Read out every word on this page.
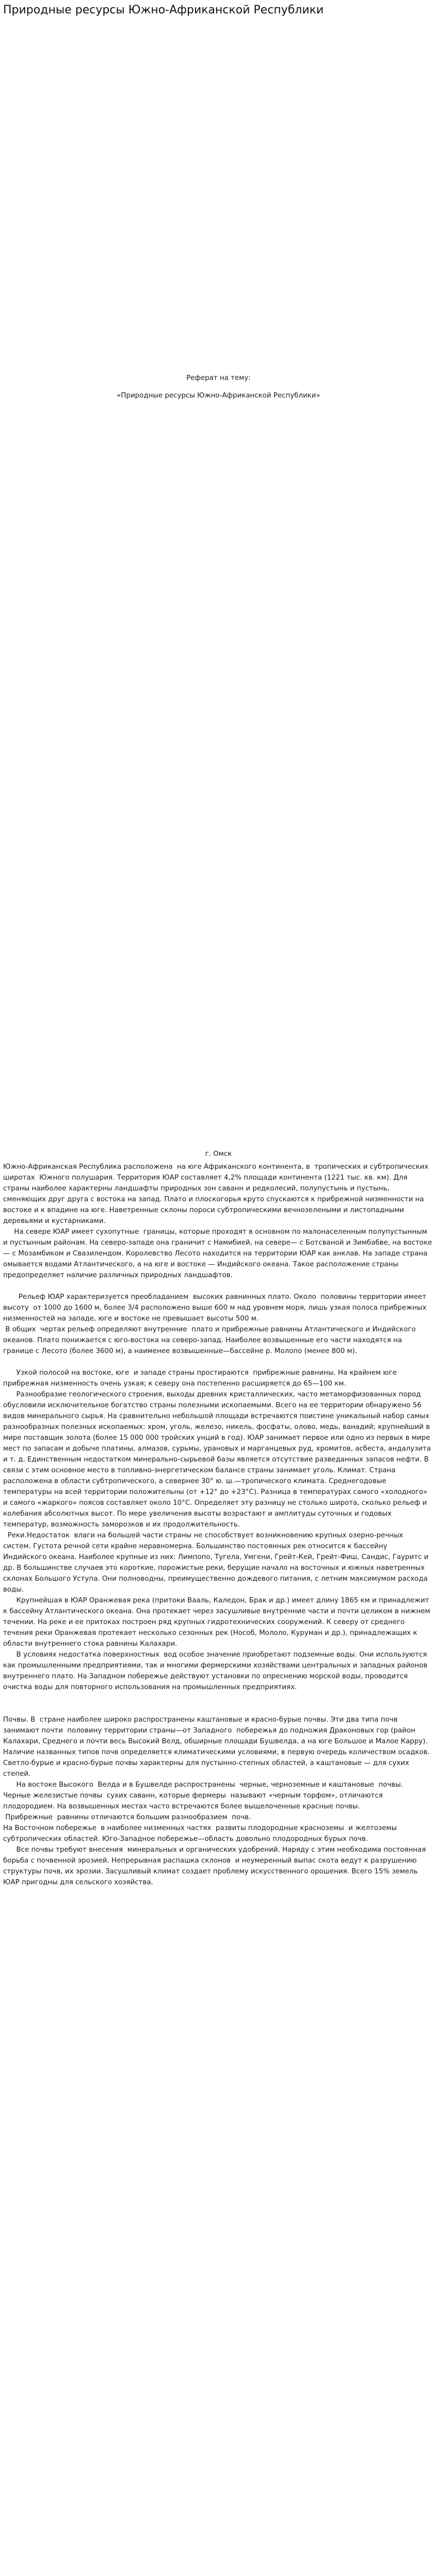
Природные ресурсы Южно-Африканской Республики
Реферат на тему:
«Природные ресурсы Южно-Африканской Республики»
г. Омск

Южно-Африканская Республика расположена  на юге Африканского континента, в  тропических и субтропических широтах  Южного полушария. Территория ЮАР составляет 4,2% площади континента (1221 тыс. кв. км). Для страны наиболее характерны ландшафты природных зон саванн и редколесий, полупустынь и пустынь, сменяющих друг друга с востока на запад. Плато и плоскогорья круто спускаются к прибрежной низменности на востоке и к впадине на юге. Наветренные склоны пороси субтропическими вечнозелеными и листопадными деревьями и кустарниками.

На севере ЮАР имеет сухопутные  границы, которые проходят в основном по малонаселенным полупустынным и пустынным районам. На северо-западе она граничит с Намибией, на севере— с Ботсваной и Зимбабве, на востоке— с Мозамбиком и Свазилендом. Королевство Лесото находится на территории ЮАР как анклав. На западе страна омывается водами Атлантического, а на юге и востоке — Индийского океана. Такое расположение страны предопределяет наличие различных природных ландшафтов.

Рельеф ЮАР характеризуется преобладанием  высоких равнинных плато. Около  половины территории имеет высоту  от 1000 до 1600 м, более 3/4 расположено выше 600 м над уровнем моря, лишь узкая полоса прибрежных низменностей на западе, юге и востоке не превышает высоты 500 м.

В общих  чертах рельеф определяют внутренние  плато и прибрежные равнины Атлантического и Индийского  океанов. Плато понижается с юго-востока на северо-запад. Наиболее возвышенные его части находятся на границе с Лесото (более 3600 м), а наименее возвышенные—бассейне р. Молопо (менее 800 м).

Узкой полосой на востоке, юге  и западе страны простираются  прибрежные равнины. На крайнем юге прибрежная низменность очень узкая; к северу она постепенно расширяется до 65—100 км.

Разнообразие геологического строения, выходы древних кристаллических, часто метаморфизованных пород  обусловили исключительное богатство страны полезными ископаемыми. Всего на ее территории обнаружено 56 видов минерального сырья. На сравнительно небольшой площади встречаются поистине уникальный набор самых разнообразных полезных ископаемых: хром, уголь, железо, никель, фосфаты, олово, медь, ванадий; крупнейший в мире поставщик золота (более 15 000 000 тройских унций в год). ЮАР занимает первое или одно из первых в мире мест по запасам и добыче платины, алмазов, сурьмы, урановых и марганцевых руд, хромитов, асбеста, андалузита и т. д. Единственным недостатком минерально-сырьевой базы является отсутствие разведанных запасов нефти. В связи с этим основное место в топливно-энергетическом балансе страны занимает уголь. Климат. Страна расположена в области субтропического, а севернее 30° ю. ш.—тропического климата. Среднегодовые температуры на всей территории положительны (от +12° до +23°С). Разница в температурах самого «холодного» и самого «жаркого» поясов составляет около 10°С. Определяет эту разницу не столько широта, сколько рельеф и колебания абсолютных высот. По мере увеличения высоты возрастают и амплитуды суточных и годовых температур, возможность заморозков и их продолжительность.

Реки.Недостаток  влаги на большей части страны не способствует возникновению крупных озерно-речных систем. Густота речной сети крайне неравномерна. Большинство постоянных рек относится к бассейну Индийского океана. Наиболее крупные из них: Лимпопо, Тугела, Умгени, Грейт-Кей, Грейт-Фиш, Сандис, Гауритс и др. В большинстве случаев это короткие, порожистые реки, берущие начало на восточных и южных наветренных склонах Большого Уступа. Они полноводны, преимущественно дождевого питания, с летним максимумом расхода воды.

Крупнейшая в ЮАР Оранжевая река (притоки Вааль, Каледон, Брак и др.) имеет длину 1865 км и принадлежит к бассейну Атлантического океана. Она протекает через засушливые внутренние части и почти целиком в нижнем течении. На реке и ее притоках построен ряд крупных гидротехнических сооружений. К северу от среднего течения реки Оранжевая протекает несколько сезонных рек (Нособ, Мололо, Куруман и др.), принадлежащих к области внутреннего стока равнины Калахари.

В условиях недостатка поверхностных  вод особое значение приобретают подземные воды. Они используются как промышленными предприятиями, так и многими фермерскими хозяйствами центральных и западных районов внутреннего плато. На Западном побережье действуют установки по опреснению морской воды, проводится очистка воды для повторного использования на промышленных предприятиях.

Почвы. В  стране наиболее широко распространены каштановые и красно-бурые почвы. Эти два типа почв занимают почти  половину территории страны—от Западного  побережья до подножия Драконовых гор (район Калахари, Среднего и почти весь Высокий Велд, обширные площади Бушвелда, а на юге Большое и Малое Карру). Наличие названных типов почв определяется климатическими условиями, в первую очередь количеством осадков. Светло-бурые и красно-бурые почвы характерны для пустынно-степных областей, а каштановые — для сухих степей.

На востоке Высокого  Велда и в Бушвелде распространены  черные, черноземные и каштановые  почвы. Черные железистые почвы  сухих саванн, которые фермеры  называют «черным торфом», отличаются плодородием. На возвышенных местах часто встречаются более выщелоченные красные почвы.

Прибрежные  равнины отличаются большим разнообразием  почв.

На Восточном побережье  в наиболее низменных частях  развиты плодородные красноземы  и желтоземы субтропических областей. Юго-Западное побережье—область довольно плодородных бурых почв.

Все почвы требуют внесения  минеральных и органических удобрений. Наряду с этим необходима постоянная  борьба с почвенной эрозией. Непрерывная распашка склонов  и неумеренный выпас скота ведут к разрушению структуры почв, их эрозии. Засушливый климат создает проблему искусственного орошения. Всего 15% земель ЮАР пригодны для сельского хозяйства.
